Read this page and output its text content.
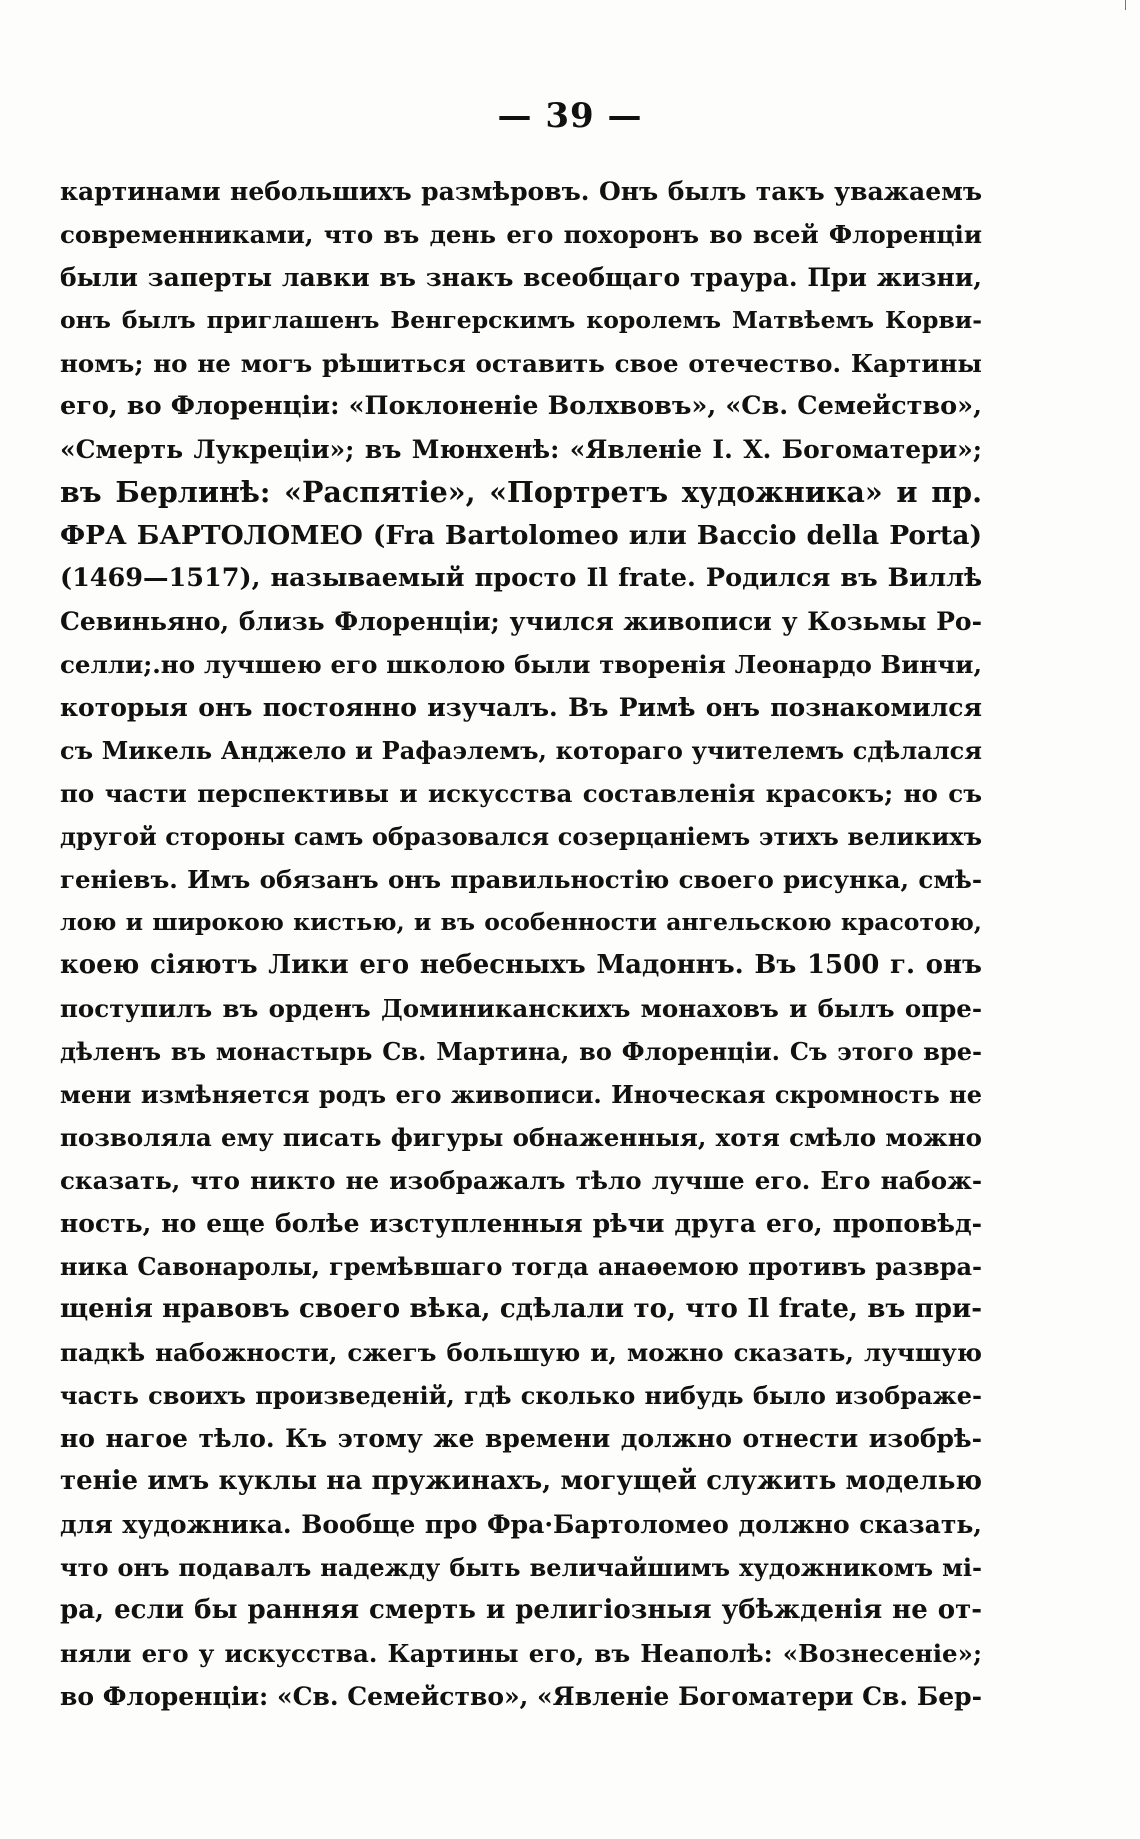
— 39 —
картинами небольшихъ размѣровъ. Онъ былъ такъ уважаемъ
современниками, что въ день его похоронъ во всей Флоренціи
были заперты лавки въ знакъ всеобщаго траура. При жизни,
онъ былъ приглашенъ Венгерскимъ королемъ Матвѣемъ Корви-
номъ; но не могъ рѣшиться оставить свое отечество. Картины
его, во Флоренціи: «Поклоненіе Волхвовъ», «Св. Семейство»,
«Смерть Лукреціи»; въ Мюнхенѣ: «Явленіе І. Х. Богоматери»;
въ Берлинѣ: «Распятіе», «Портретъ художника» и пр.
ФРА БАРТОЛОМЕО (Fra Bartolomeo или Baccio della Porta)
(1469—1517), называемый просто Il frate. Родился въ Виллѣ
Севиньяно, близь Флоренціи; учился живописи у Козьмы Ро-
селли;.но лучшею его школою были творенія Леонардо Винчи,
которыя онъ постоянно изучалъ. Въ Римѣ онъ познакомился
съ Микель Анджело и Рафаэлемъ, котораго учителемъ сдѣлался
по части перспективы и искусства составленія красокъ; но съ
другой стороны самъ образовался созерцаніемъ этихъ великихъ
геніевъ. Имъ обязанъ онъ правильностію своего рисунка, смѣ-
лою и широкою кистью, и въ особенности ангельскою красотою,
коею сіяютъ Лики его небесныхъ Мадоннъ. Въ 1500 г. онъ
поступилъ въ орденъ Доминиканскихъ монаховъ и былъ опре-
дѣленъ въ монастырь Св. Мартина, во Флоренціи. Съ этого вре-
мени измѣняется родъ его живописи. Иноческая скромность не
позволяла ему писать фигуры обнаженныя, хотя смѣло можно
сказать, что никто не изображалъ тѣло лучше его. Его набож-
ность, но еще болѣе изступленныя рѣчи друга его, проповѣд-
ника Савонаролы, гремѣвшаго тогда анаѳемою противъ развра-
щенія нравовъ своего вѣка, сдѣлали то, что Il frate, въ при-
падкѣ набожности, сжегъ большую и, можно сказать, лучшую
часть своихъ произведеній, гдѣ сколько нибудь было изображе-
но нагое тѣло. Къ этому же времени должно отнести изобрѣ-
теніе имъ куклы на пружинахъ, могущей служить моделью
для художника. Вообще про Фра·Бартоломео должно сказать,
что онъ подавалъ надежду быть величайшимъ художникомъ мі-
ра, если бы ранняя смерть и религіозныя убѣжденія не от-
няли его у искусства. Картины его, въ Неаполѣ: «Вознесеніе»;
во Флоренціи: «Св. Семейство», «Явленіе Богоматери Св. Бер-
